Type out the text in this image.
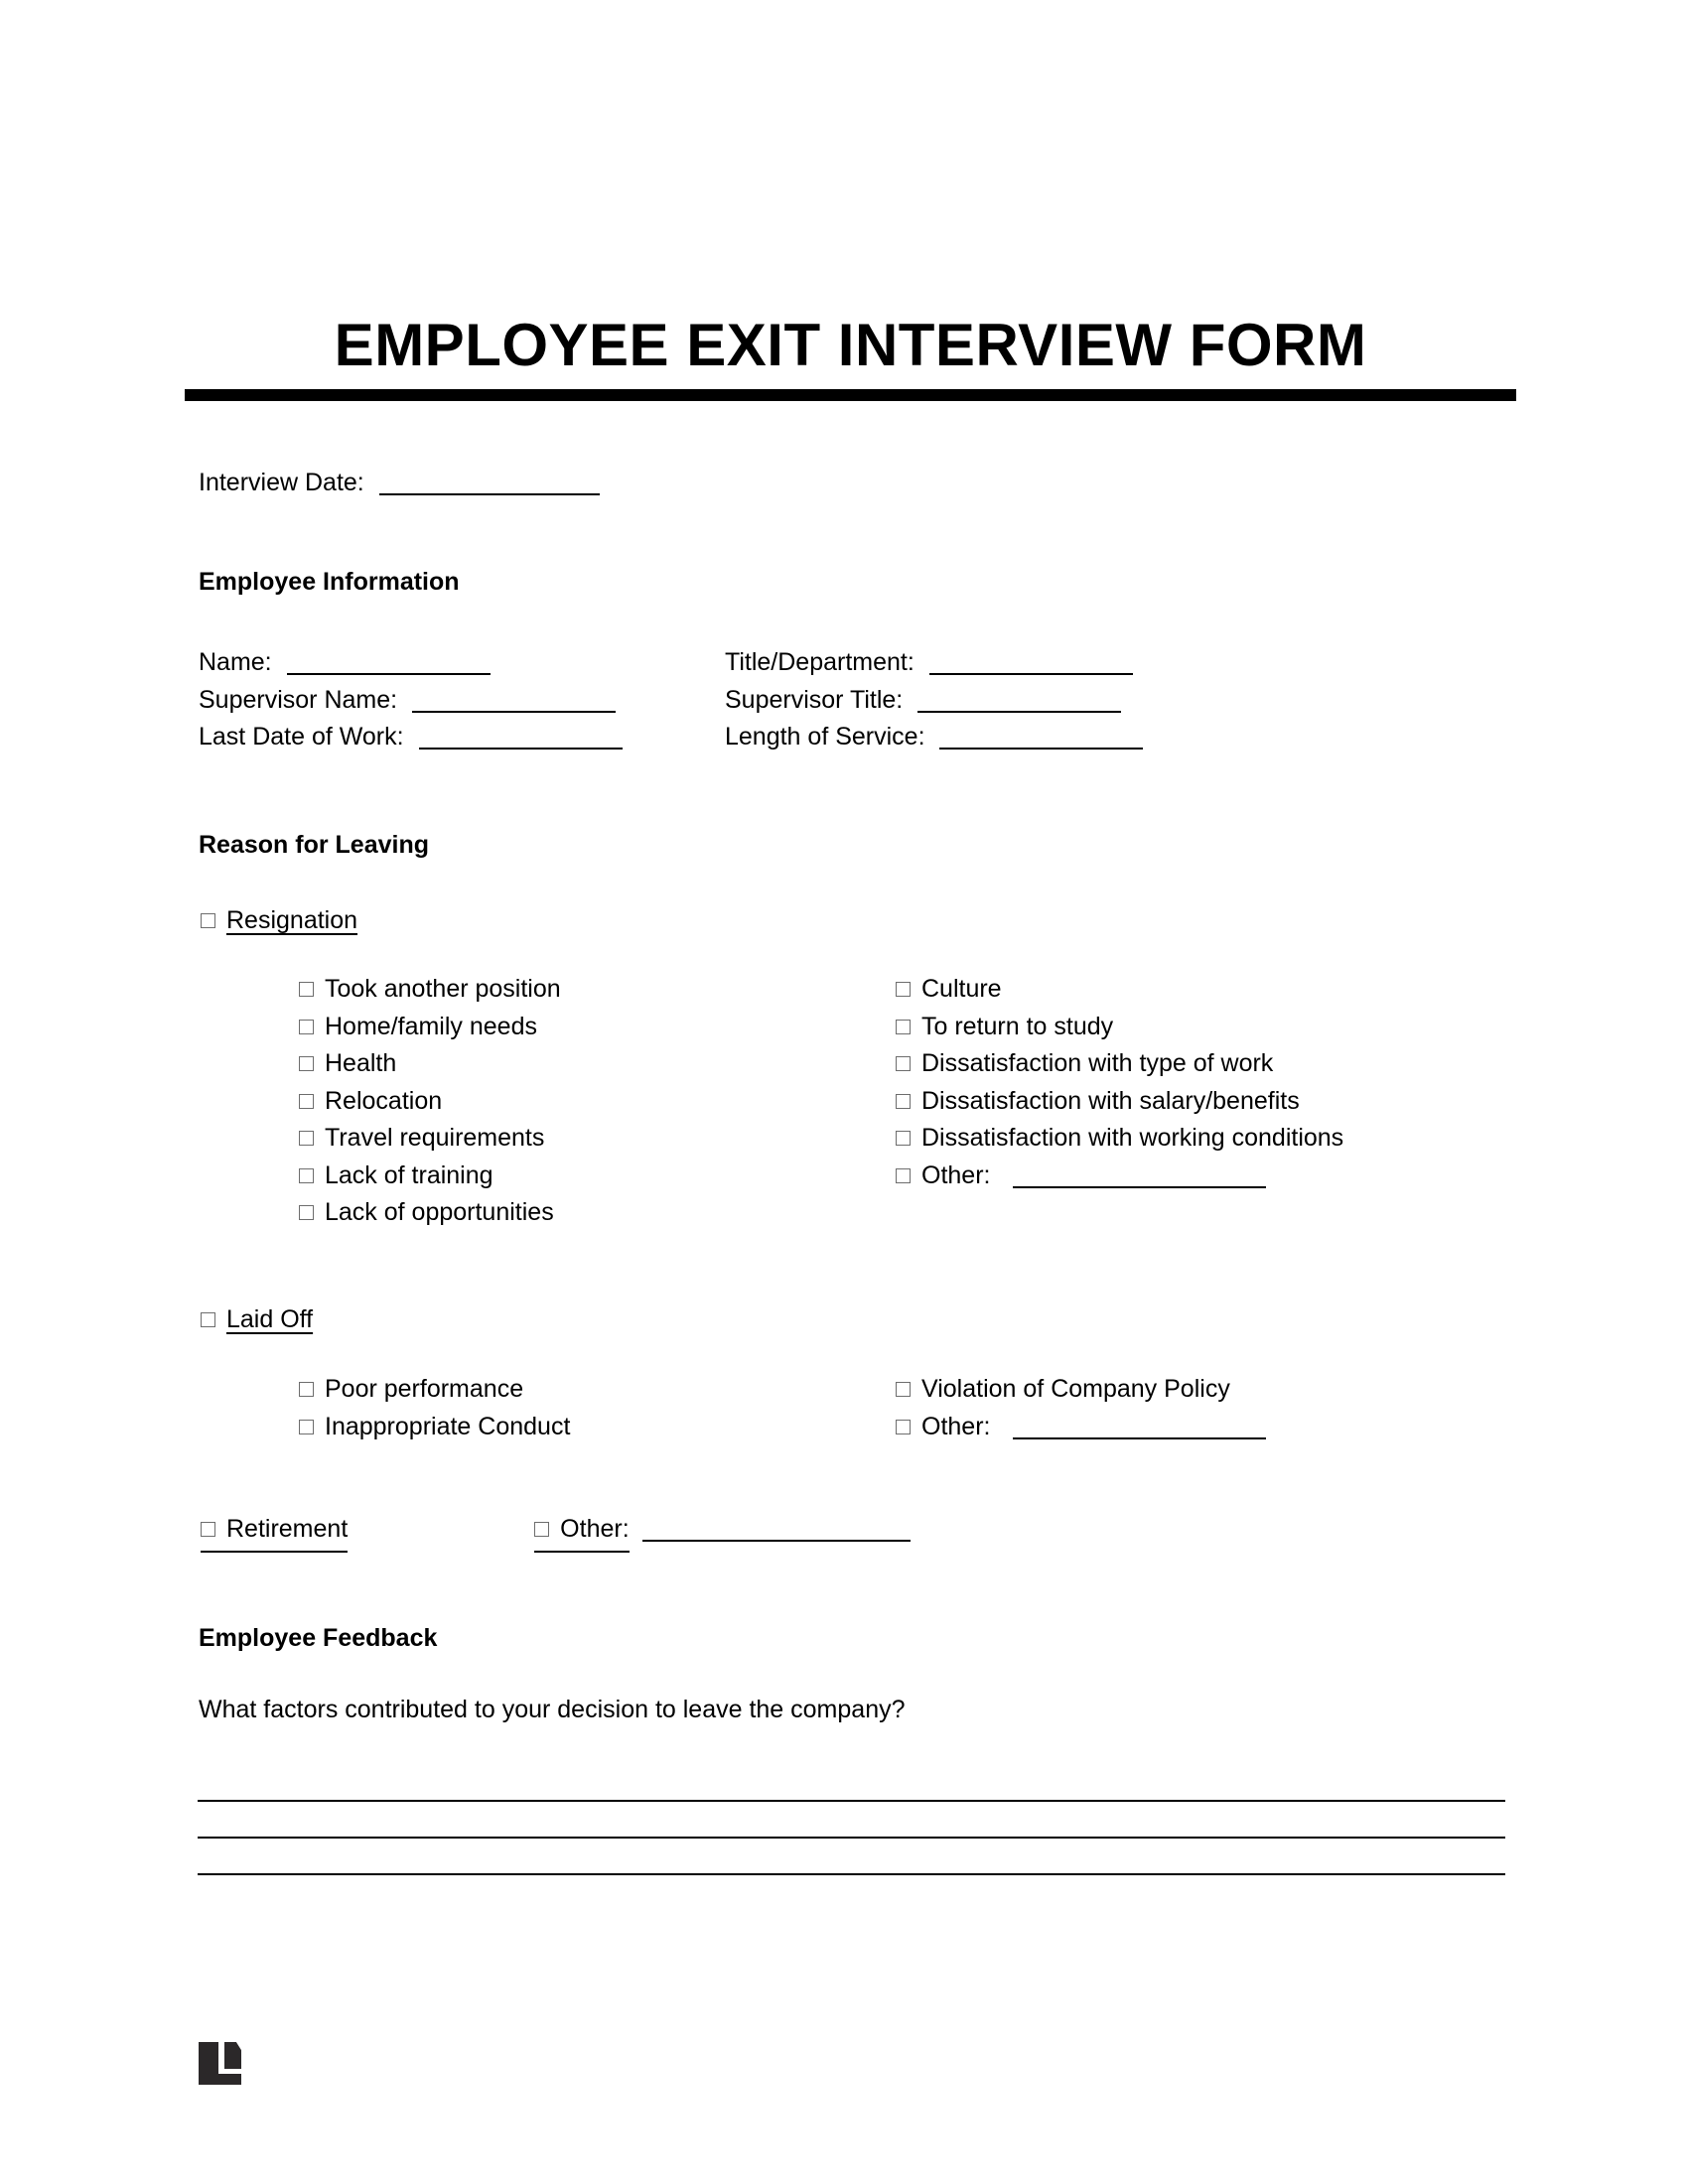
EMPLOYEE EXIT INTERVIEW FORM
Interview Date:
Employee Information
Name:
Supervisor Name:
Last Date of Work:
Title/Department:
Supervisor Title:
Length of Service:
Reason for Leaving
Resignation
Took another position
Home/family needs
Health
Relocation
Travel requirements
Lack of training
Lack of opportunities
Culture
To return to study
Dissatisfaction with type of work
Dissatisfaction with salary/benefits
Dissatisfaction with working conditions
Other:
Laid Off
Poor performance
Inappropriate Conduct
Violation of Company Policy
Other:
Retirement	Other:
Employee Feedback
What factors contributed to your decision to leave the company?
